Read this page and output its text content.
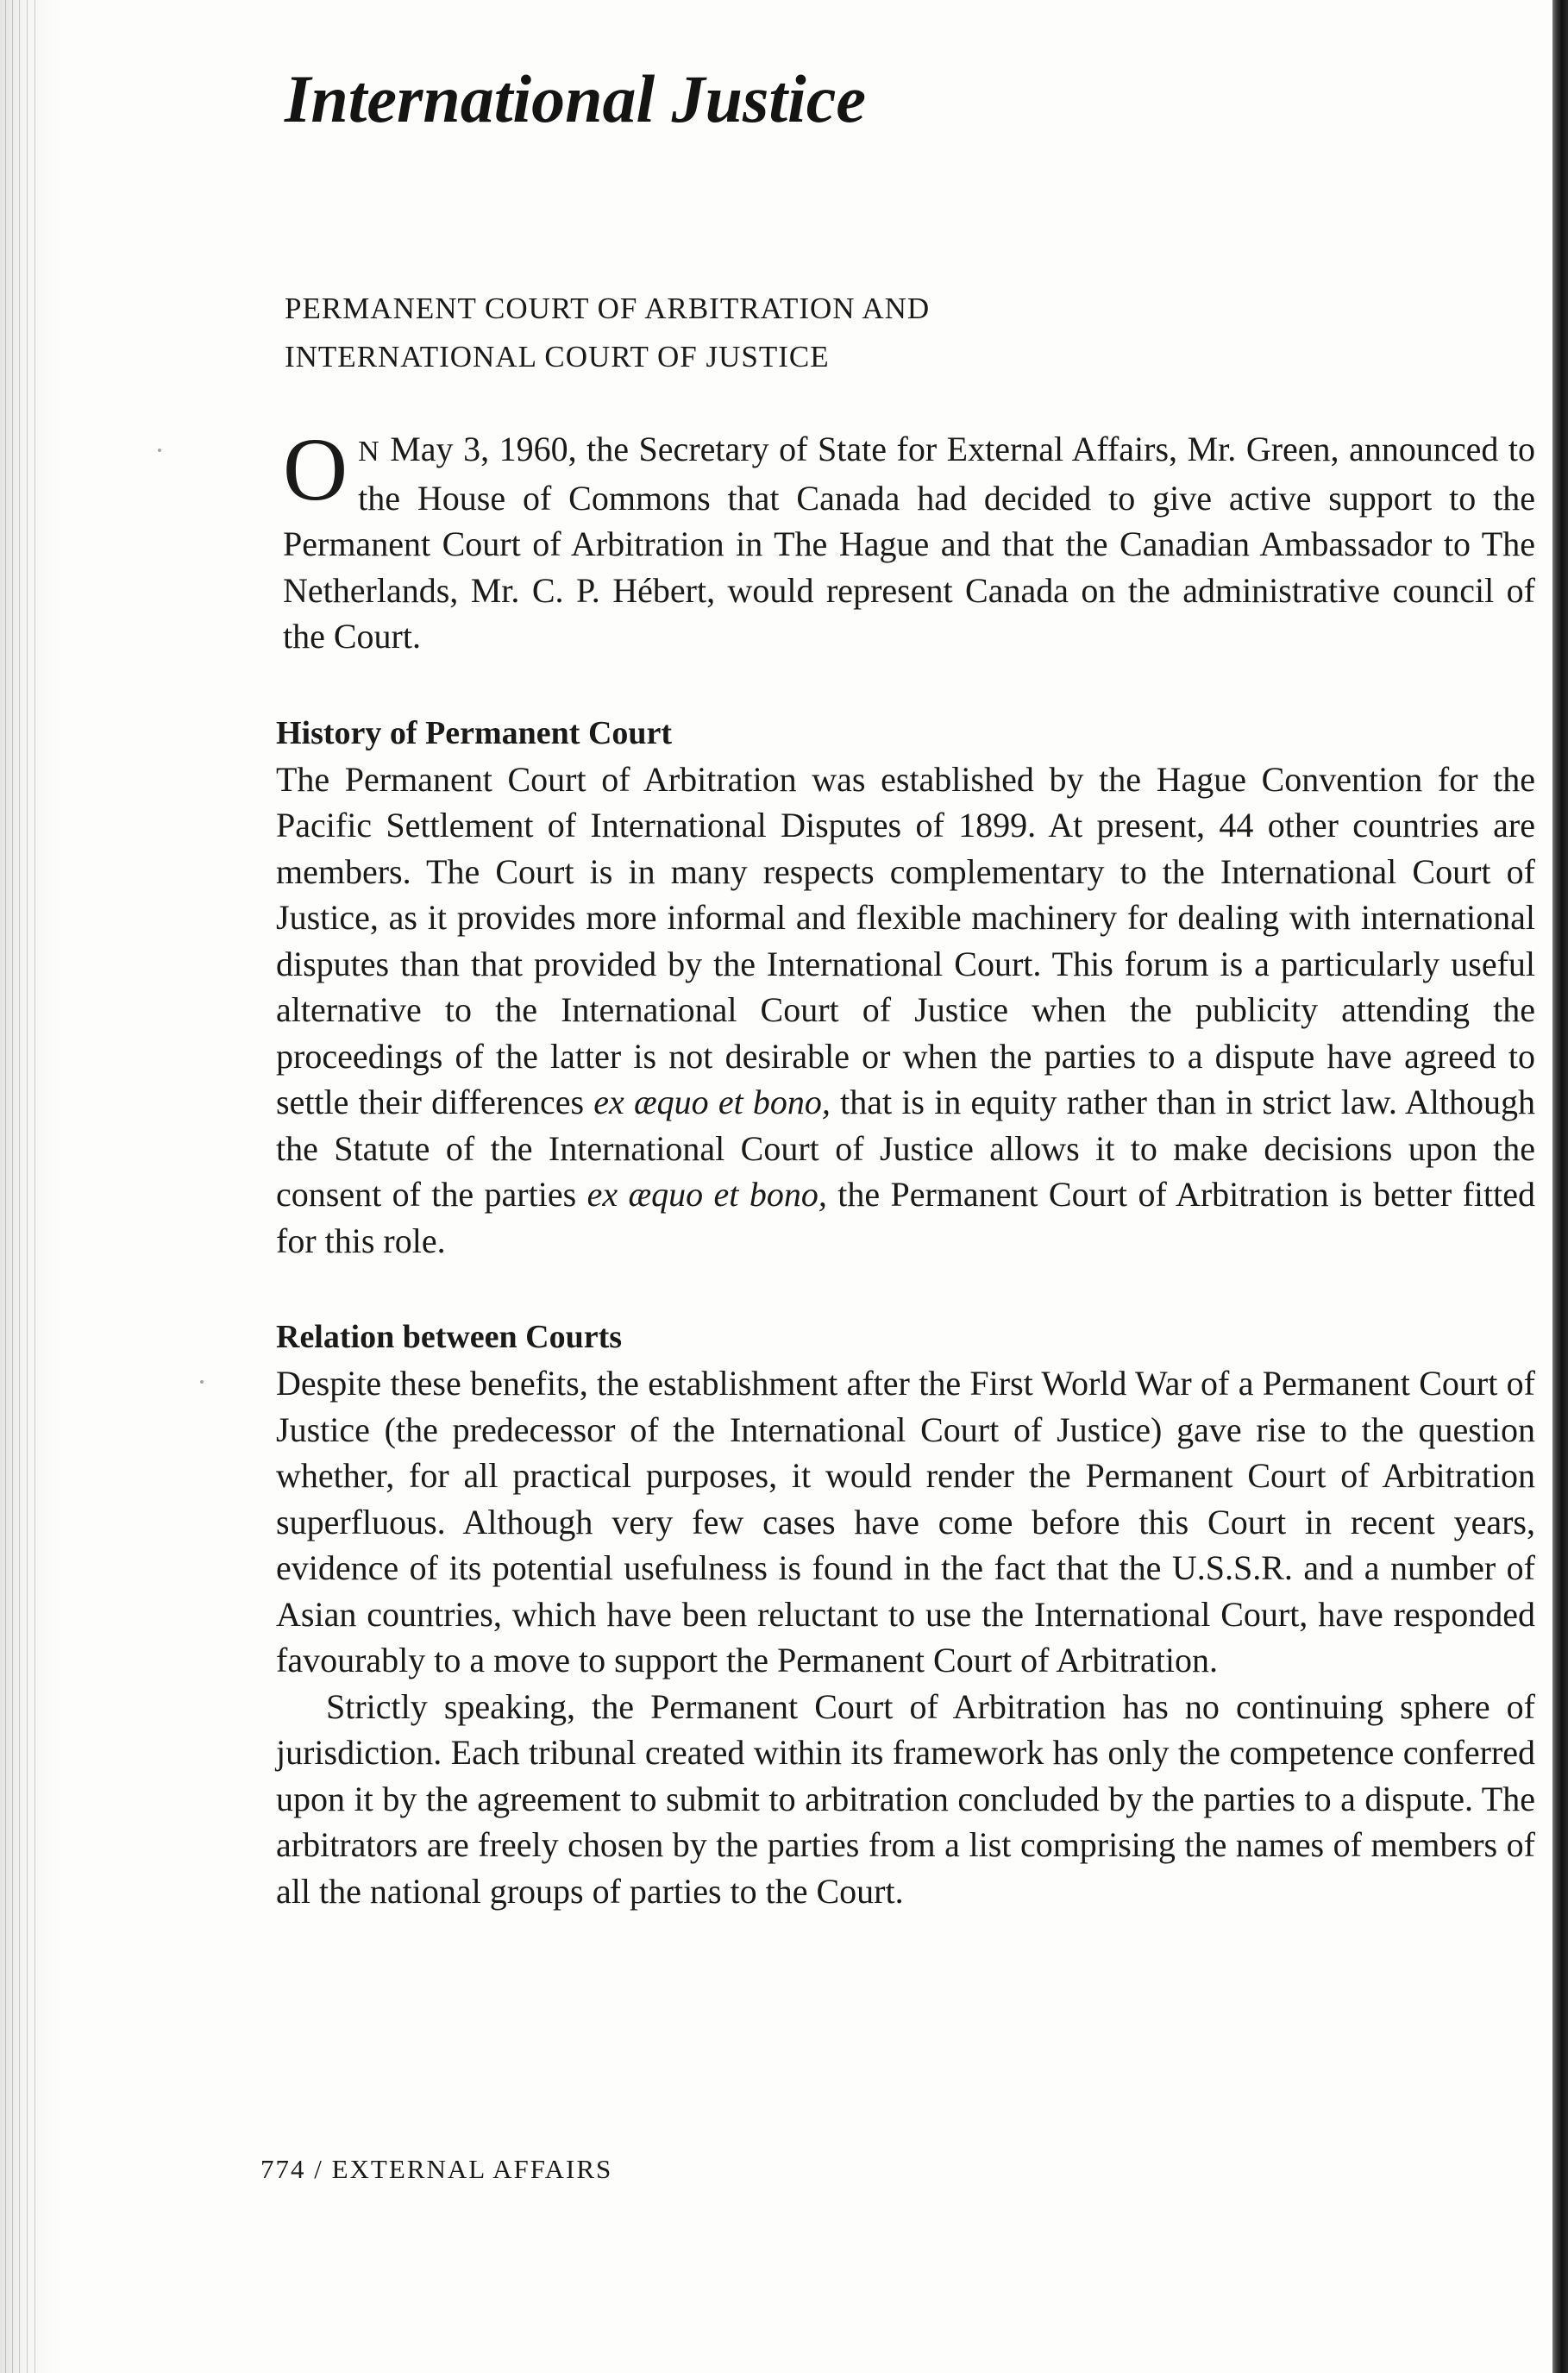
International Justice
PERMANENT COURT OF ARBITRATION AND
INTERNATIONAL COURT OF JUSTICE

O N May 3, 1960, the Secretary of State for External Affairs, Mr. Green, announced to the House of Commons that Canada had decided to give active support to the Permanent Court of Arbitration in The Hague and that the Canadian Ambassador to The Netherlands, Mr. C. P. Hébert, would represent Canada on the administrative council of the Court.

History of Permanent Court

The Permanent Court of Arbitration was established by the Hague Convention for the Pacific Settlement of International Disputes of 1899. At present, 44 other countries are members. The Court is in many respects complementary to the International Court of Justice, as it provides more informal and flexible machinery for dealing with international disputes than that provided by the International Court. This forum is a particularly useful alternative to the International Court of Justice when the publicity attending the proceedings of the latter is not desirable or when the parties to a dispute have agreed to settle their differences ex æquo et bono, that is in equity rather than in strict law. Although the Statute of the International Court of Justice allows it to make decisions upon the consent of the parties ex æquo et bono, the Permanent Court of Arbitration is better fitted for this role.

Relation between Courts

Despite these benefits, the establishment after the First World War of a Permanent Court of Justice (the predecessor of the International Court of Justice) gave rise to the question whether, for all practical purposes, it would render the Permanent Court of Arbitration superfluous. Although very few cases have come before this Court in recent years, evidence of its potential usefulness is found in the fact that the U.S.S.R. and a number of Asian countries, which have been reluctant to use the International Court, have responded favourably to a move to support the Permanent Court of Arbitration.

Strictly speaking, the Permanent Court of Arbitration has no continuing sphere of jurisdiction. Each tribunal created within its framework has only the competence conferred upon it by the agreement to submit to arbitration concluded by the parties to a dispute. The arbitrators are freely chosen by the parties from a list comprising the names of members of all the national groups of parties to the Court.

774 / EXTERNAL AFFAIRS
